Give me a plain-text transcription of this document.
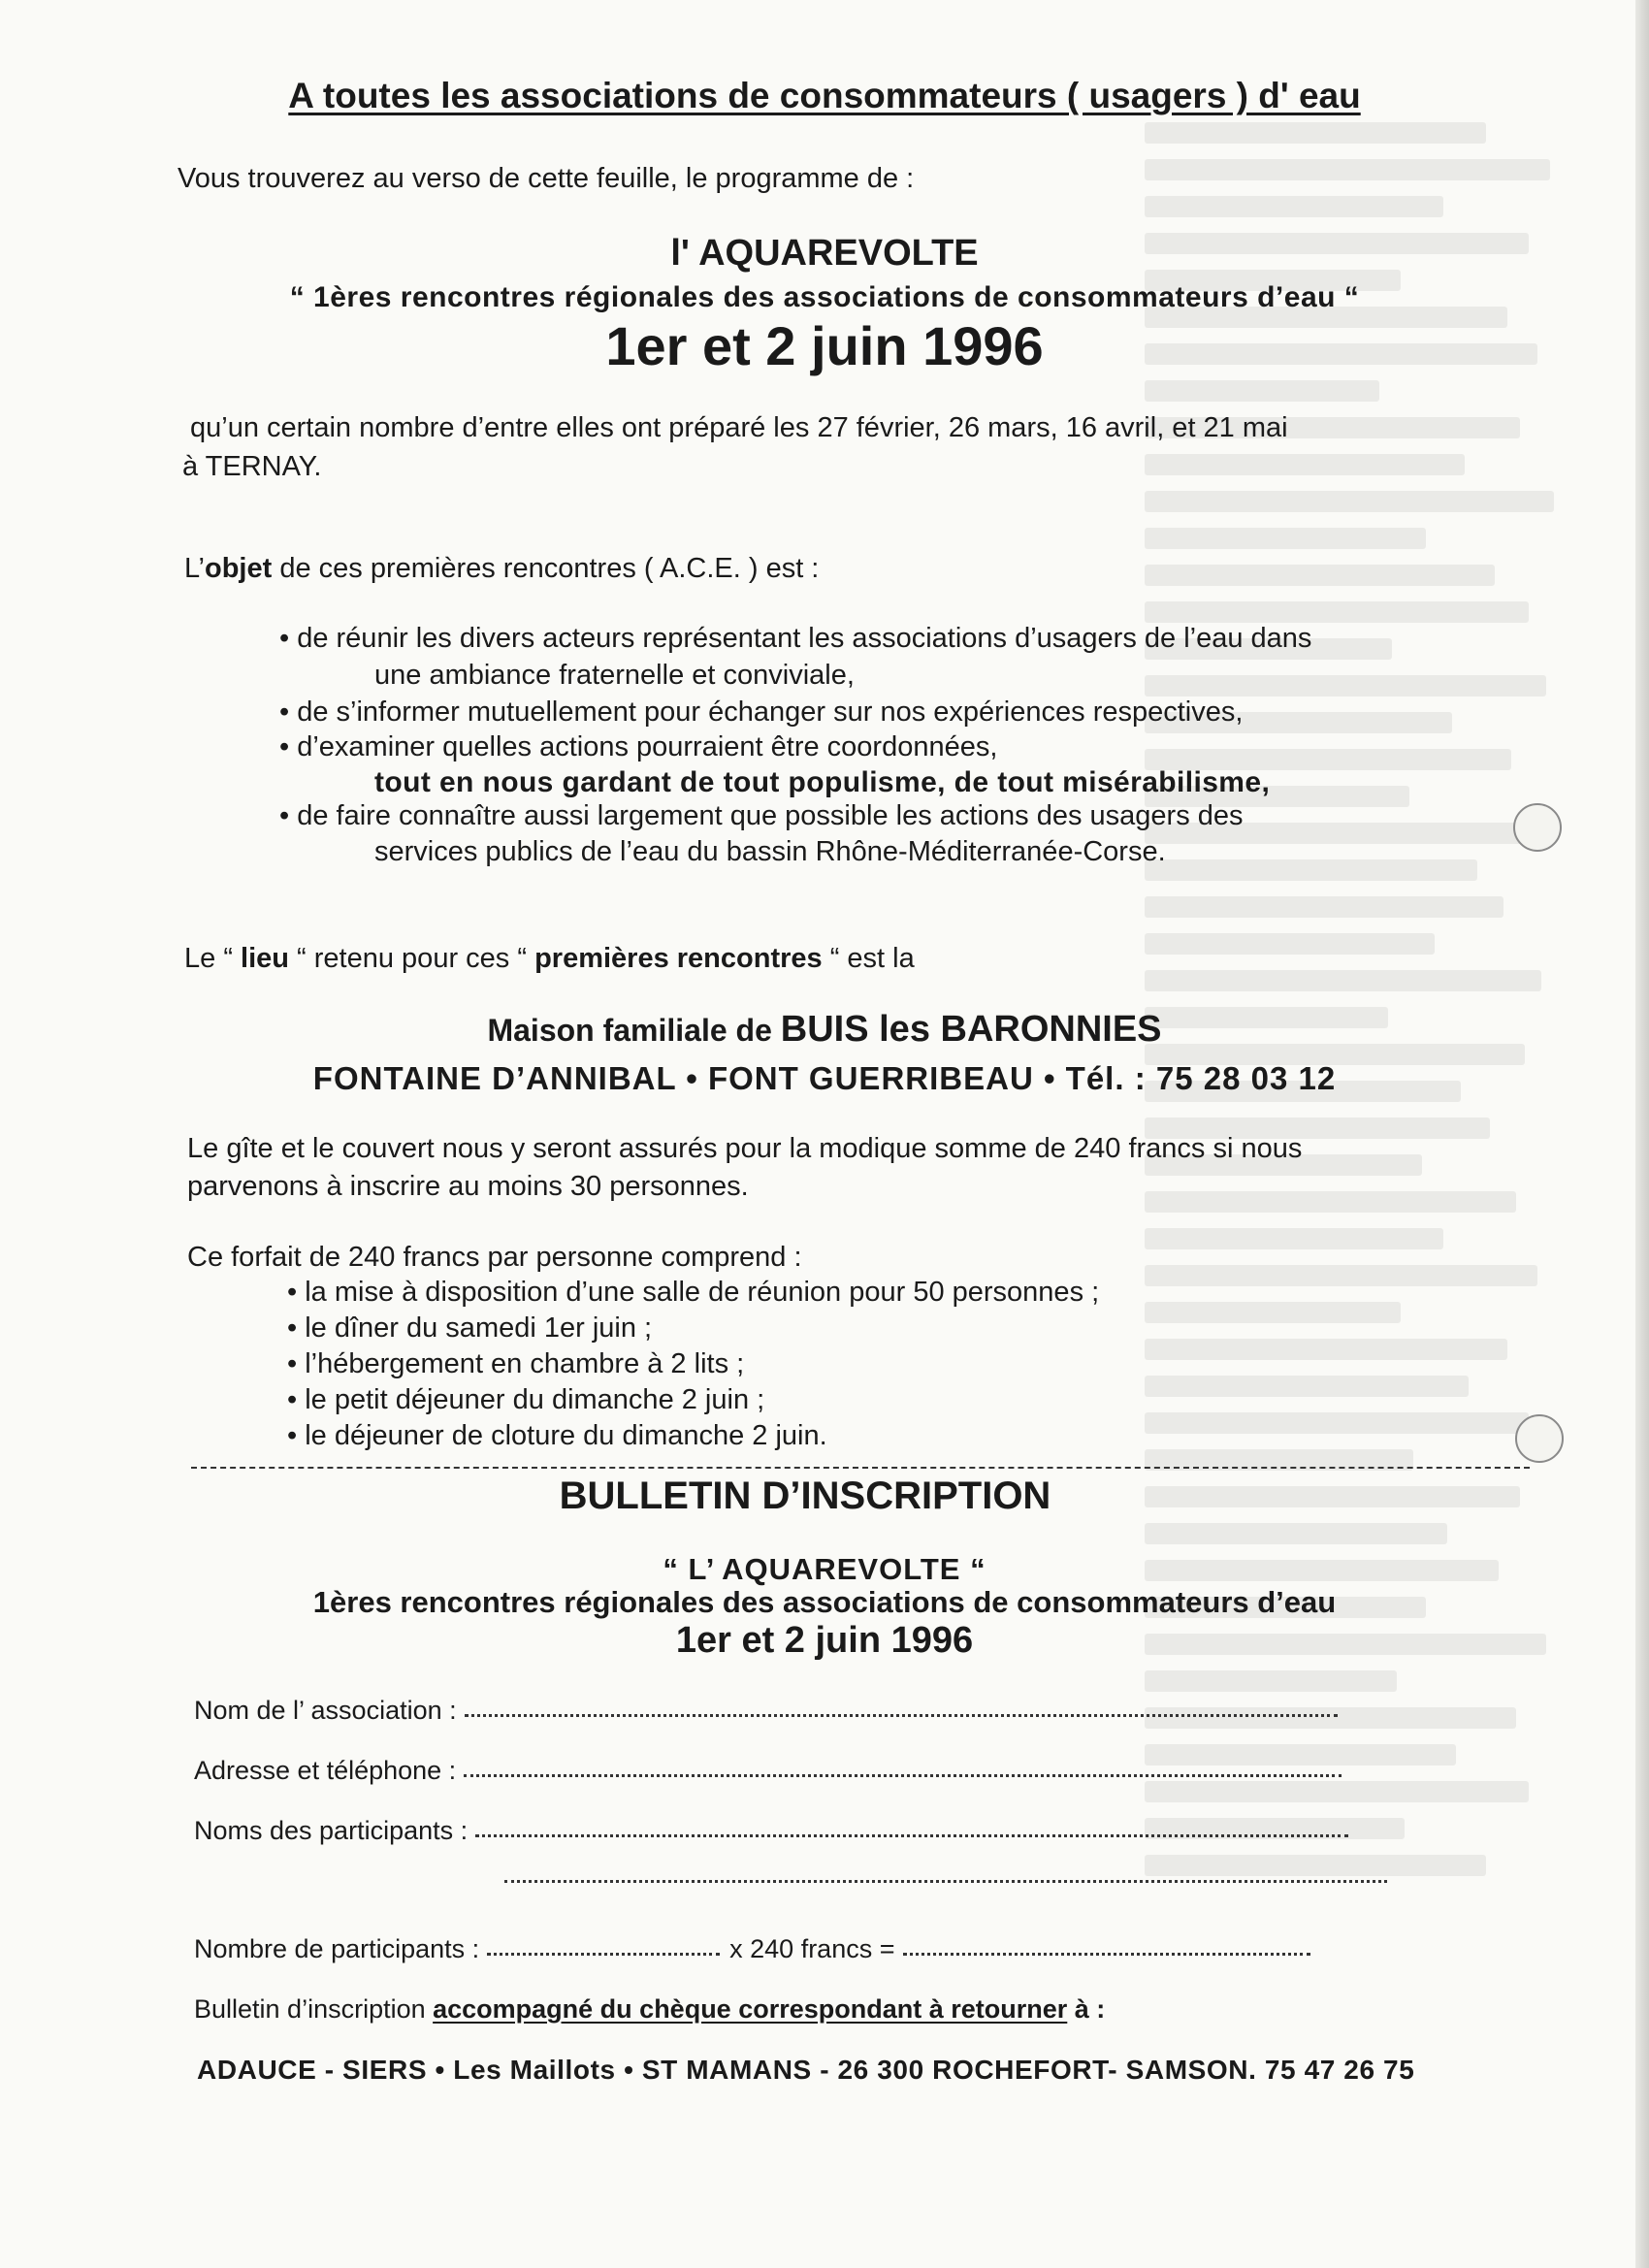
A toutes les associations de consommateurs ( usagers ) d' eau
Vous trouverez au verso de cette feuille, le programme de :
l' AQUAREVOLTE
“ 1ères rencontres régionales des associations de consommateurs d’eau “
1er et 2 juin 1996
qu’un certain nombre d’entre elles ont préparé les 27 février, 26 mars, 16 avril, et 21 mai
à TERNAY.
L’objet de ces premières rencontres ( A.C.E. ) est :
• de réunir les divers acteurs représentant les associations d’usagers de l’eau dans
une ambiance fraternelle et conviviale,
• de s’informer mutuellement pour échanger sur nos expériences respectives,
• d’examiner quelles actions pourraient être coordonnées,
tout en nous gardant de tout populisme, de tout misérabilisme,
• de faire connaître aussi largement que possible les actions des usagers des
services publics de l’eau du bassin Rhône-Méditerranée-Corse.
Le “ lieu “ retenu pour ces “ premières rencontres “ est la
Maison familiale de BUIS les BARONNIES
FONTAINE D’ANNIBAL • FONT GUERRIBEAU • Tél. : 75 28 03 12
Le gîte et le couvert nous y seront assurés pour la modique somme de 240 francs si nous
parvenons à inscrire au moins 30 personnes.
Ce forfait de 240 francs par personne comprend :
• la mise à disposition d’une salle de réunion pour 50 personnes ;
• le dîner du samedi 1er juin ;
• l’hébergement en chambre à 2 lits ;
• le petit déjeuner du dimanche 2 juin ;
• le déjeuner de cloture du dimanche 2 juin.
BULLETIN D’INSCRIPTION
“ L’ AQUAREVOLTE “
1ères rencontres régionales des associations de consommateurs d’eau
1er et 2 juin 1996
Nom de l’ association :
Adresse et téléphone :
Noms des participants :
Nombre de participants :	x 240 francs =
Bulletin d’inscription accompagné du chèque correspondant à retourner à :
ADAUCE - SIERS • Les Maillots • ST MAMANS - 26 300 ROCHEFORT- SAMSON. 75 47 26 75
